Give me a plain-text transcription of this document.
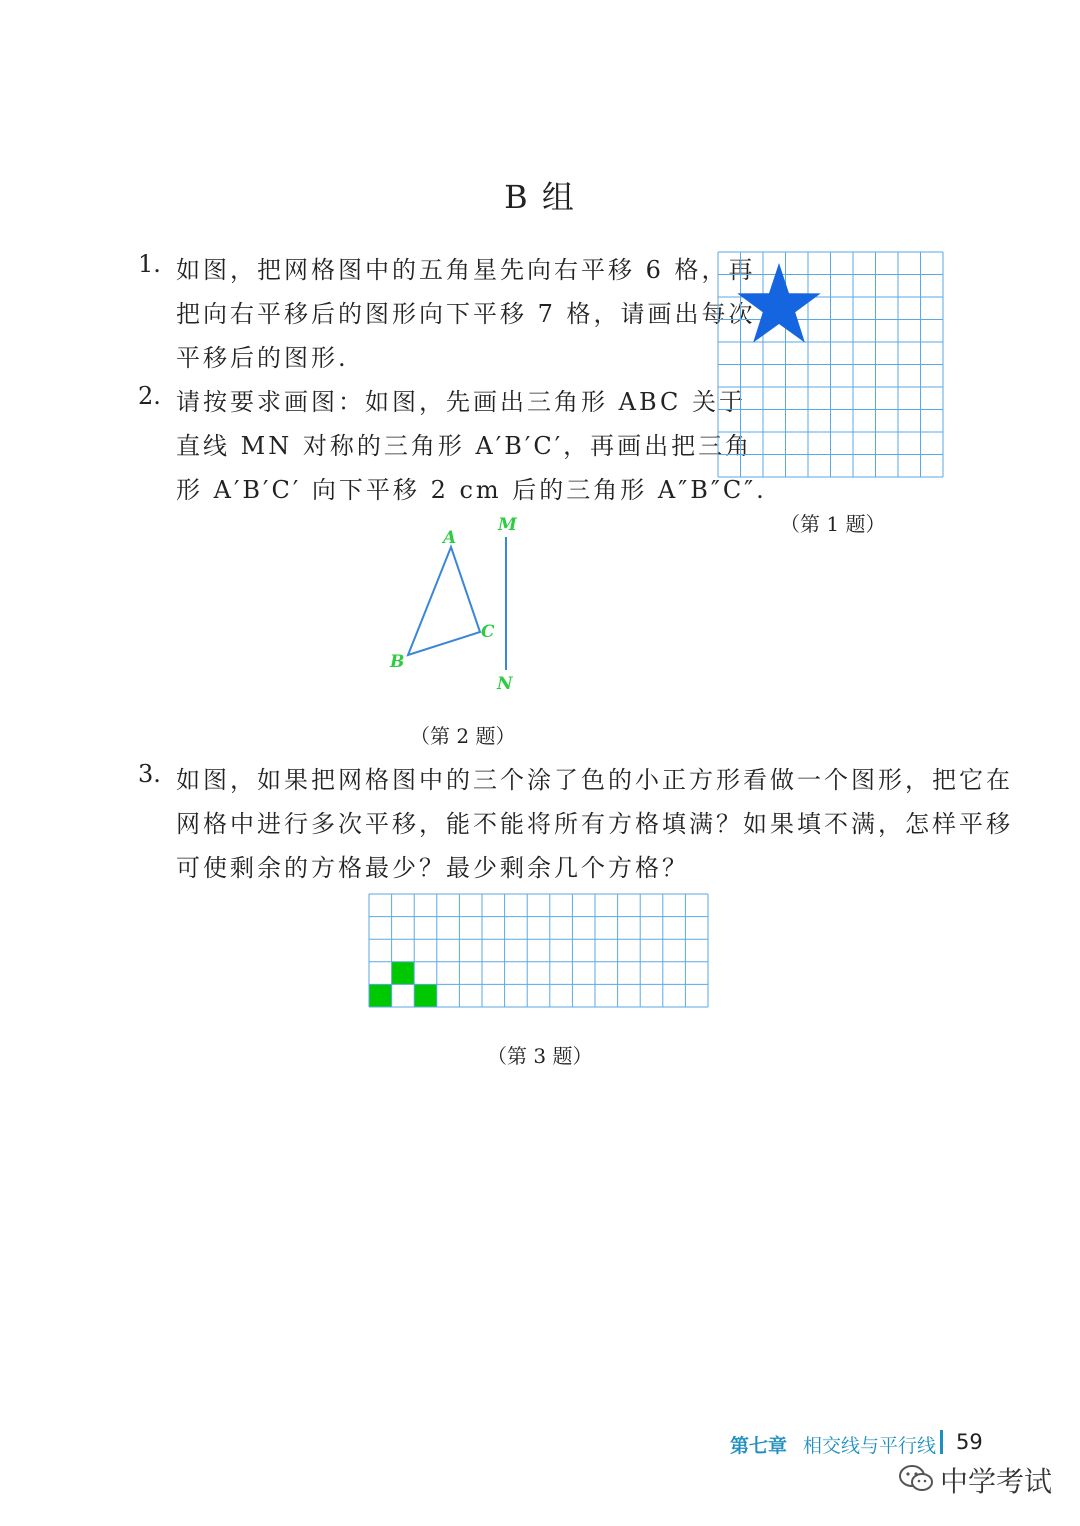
B 组
1. 如图，把网格图中的五角星先向右平移 6 格，再
把向右平移后的图形向下平移 7 格，请画出每次
平移后的图形.
2. 请按要求画图：如图，先画出三角形 ABC 关于
直线 MN 对称的三角形 A′B′C′，再画出把三角
形 A′B′C′ 向下平移 2 cm 后的三角形 A″B″C″.
（第 1 题）
A
B
C
M
N
（第 2 题）
3. 如图，如果把网格图中的三个涂了色的小正方形看做一个图形，把它在
网格中进行多次平移，能不能将所有方格填满？如果填不满，怎样平移
可使剩余的方格最少？最少剩余几个方格？
（第 3 题）
第七章 相交线与平行线 59
中学考试
